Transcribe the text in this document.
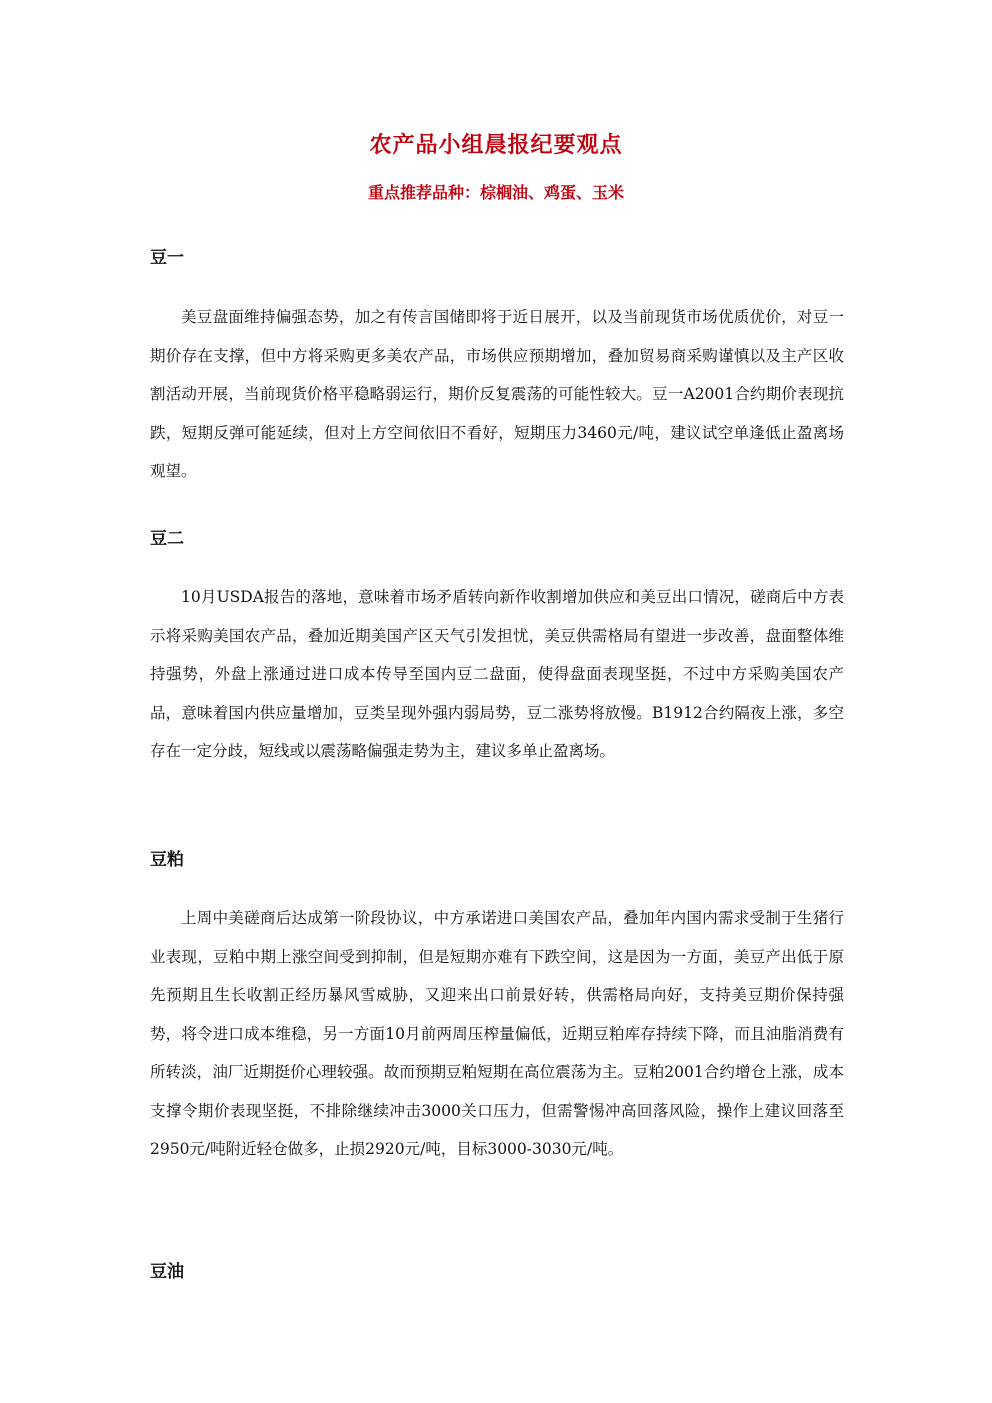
农产品小组晨报纪要观点
重点推荐品种：棕榈油、鸡蛋、玉米
豆一
美豆盘面维持偏强态势，加之有传言国储即将于近日展开，以及当前现货市场优质优价，对豆一期价存在支撑，但中方将采购更多美农产品，市场供应预期增加，叠加贸易商采购谨慎以及主产区收割活动开展，当前现货价格平稳略弱运行，期价反复震荡的可能性较大。豆一A2001合约期价表现抗跌，短期反弹可能延续，但对上方空间依旧不看好，短期压力3460元/吨，建议试空单逢低止盈离场观望。
豆二
10月USDA报告的落地，意味着市场矛盾转向新作收割增加供应和美豆出口情况，磋商后中方表示将采购美国农产品，叠加近期美国产区天气引发担忧，美豆供需格局有望进一步改善，盘面整体维持强势，外盘上涨通过进口成本传导至国内豆二盘面，使得盘面表现坚挺，不过中方采购美国农产品，意味着国内供应量增加，豆类呈现外强内弱局势，豆二涨势将放慢。B1912合约隔夜上涨，多空存在一定分歧，短线或以震荡略偏强走势为主，建议多单止盈离场。
豆粕
上周中美磋商后达成第一阶段协议，中方承诺进口美国农产品，叠加年内国内需求受制于生猪行业表现，豆粕中期上涨空间受到抑制，但是短期亦难有下跌空间，这是因为一方面，美豆产出低于原先预期且生长收割正经历暴风雪威胁，又迎来出口前景好转，供需格局向好，支持美豆期价保持强势，将令进口成本维稳，另一方面10月前两周压榨量偏低，近期豆粕库存持续下降，而且油脂消费有所转淡，油厂近期挺价心理较强。故而预期豆粕短期在高位震荡为主。豆粕2001合约增仓上涨，成本支撑令期价表现坚挺，不排除继续冲击3000关口压力，但需警惕冲高回落风险，操作上建议回落至2950元/吨附近轻仓做多，止损2920元/吨，目标3000-3030元/吨。
豆油
